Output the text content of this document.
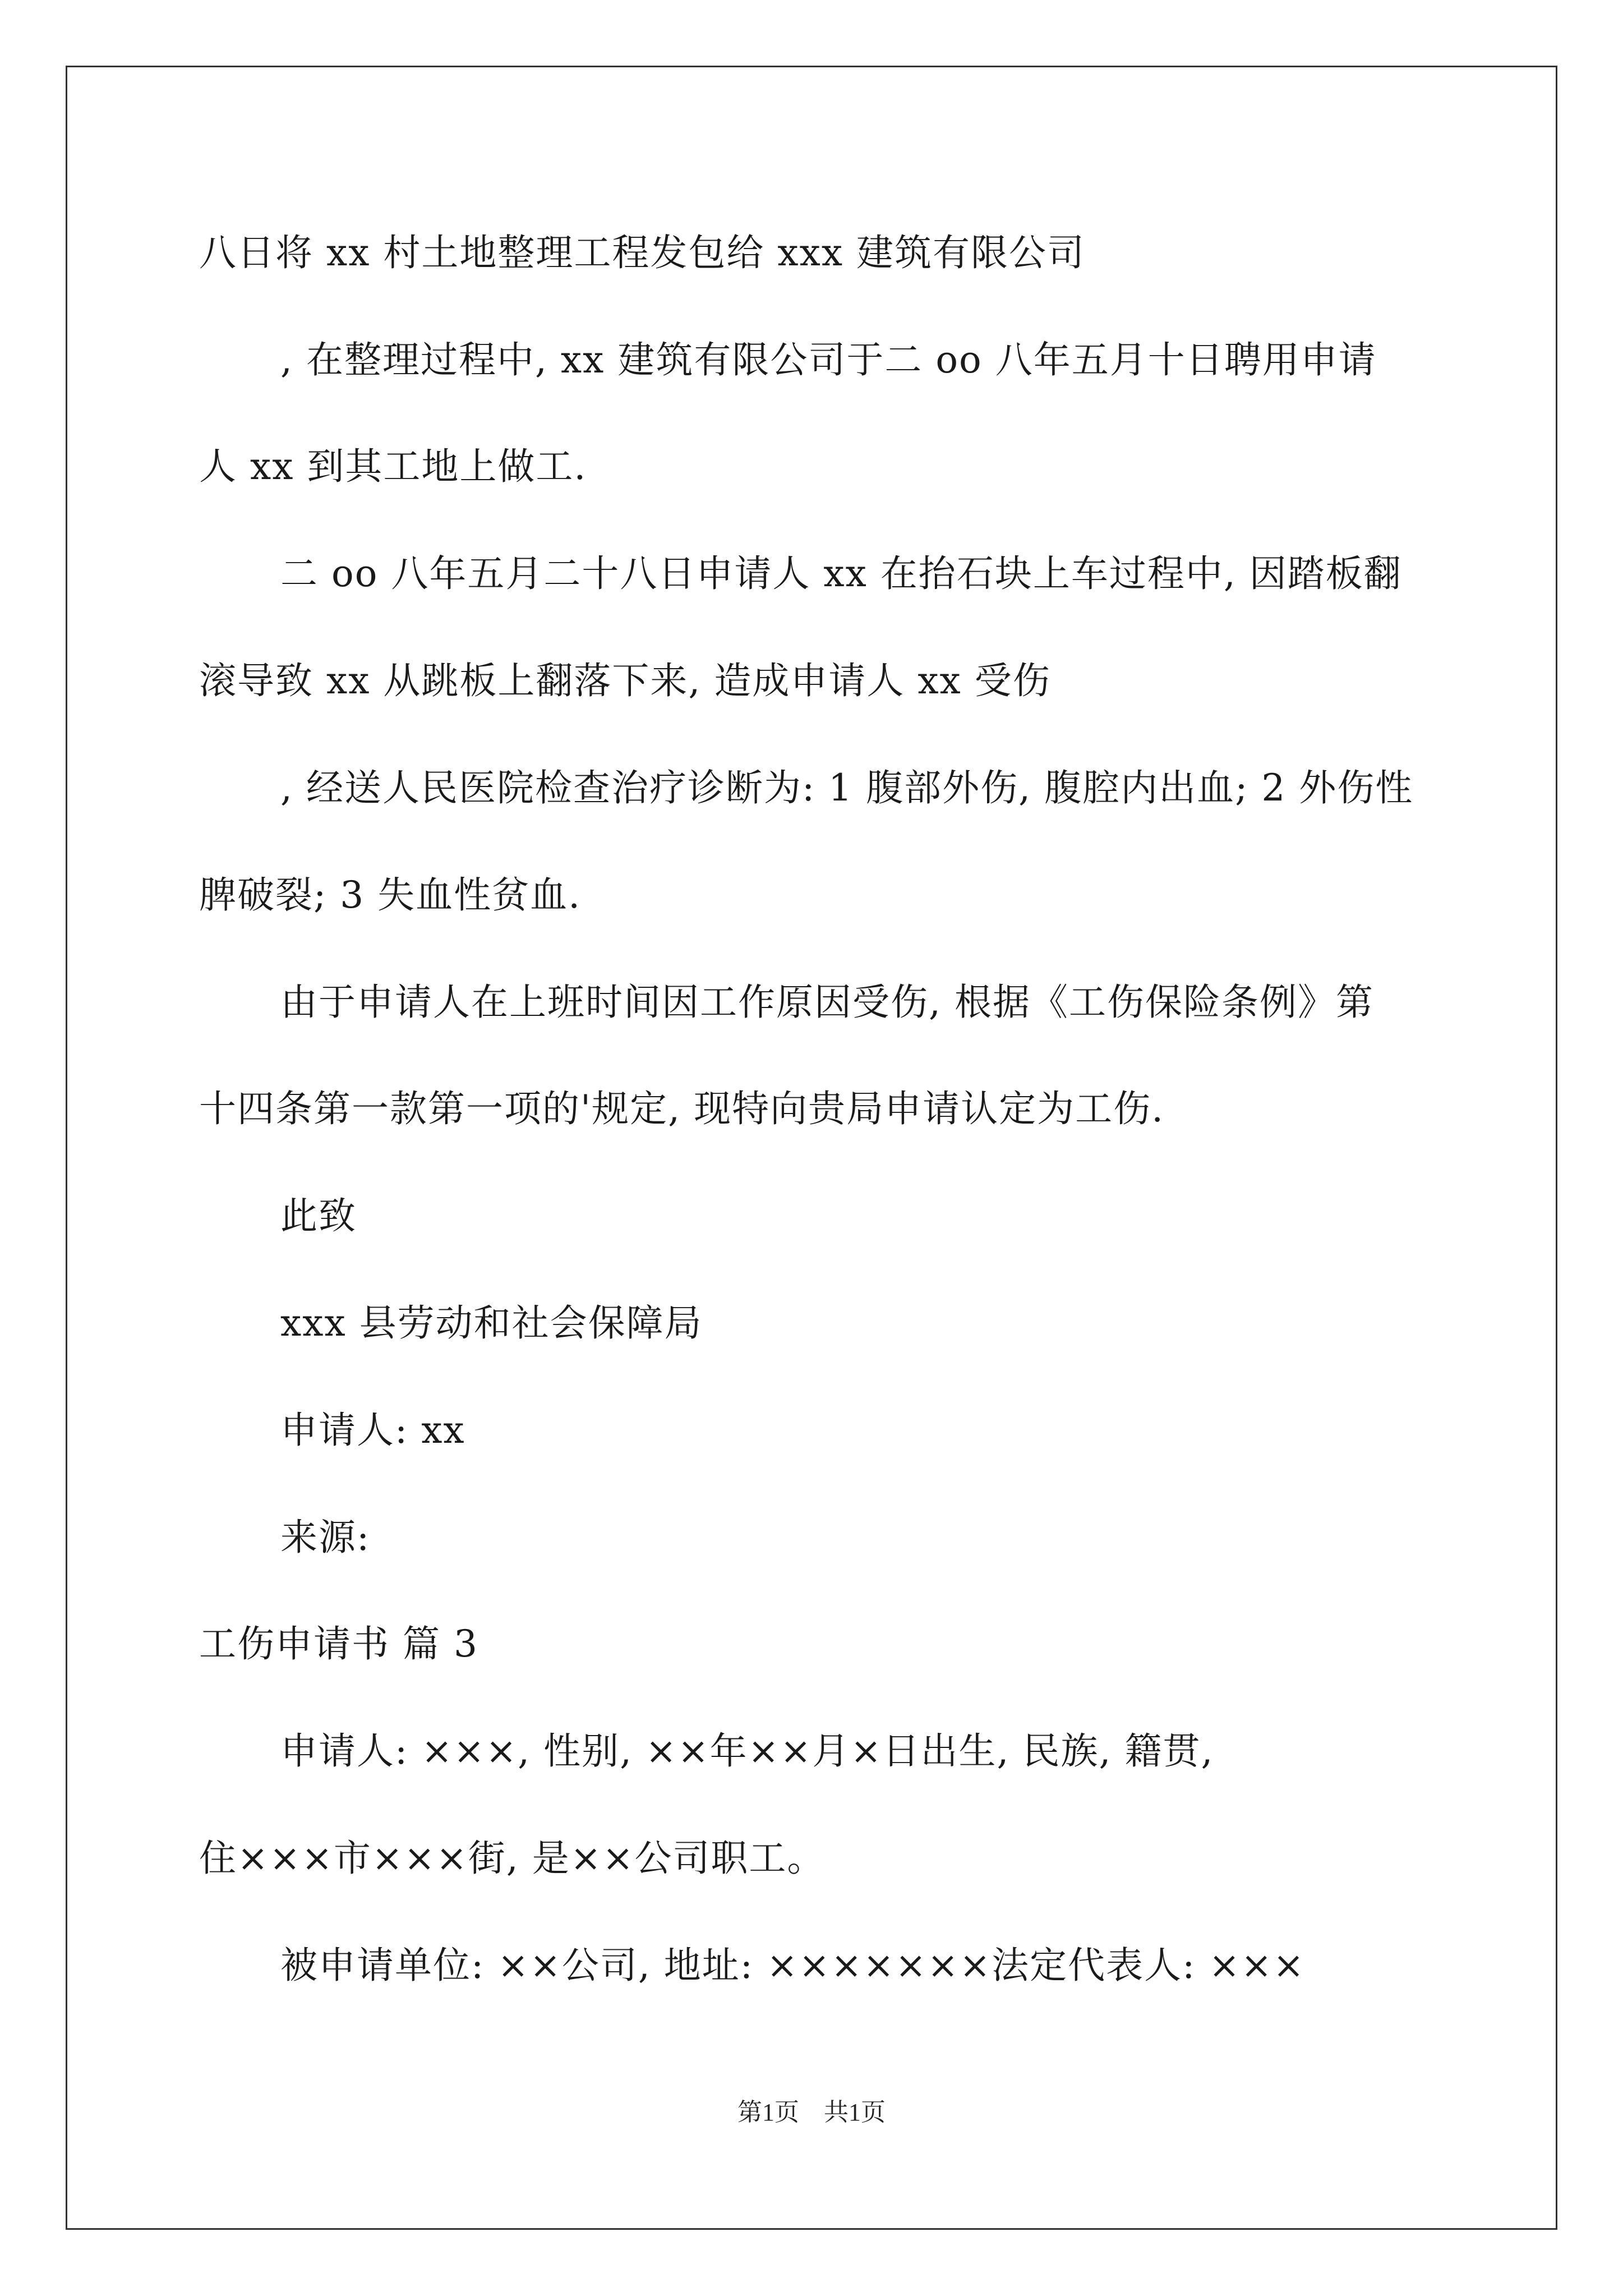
八日将 xx 村土地整理工程发包给 xxx 建筑有限公司
, 在整理过程中, xx 建筑有限公司于二 oo 八年五月十日聘用申请
人 xx 到其工地上做工.
二 oo 八年五月二十八日申请人 xx 在抬石块上车过程中, 因踏板翻
滚导致 xx 从跳板上翻落下来, 造成申请人 xx 受伤
, 经送人民医院检查治疗诊断为: 1 腹部外伤, 腹腔内出血; 2 外伤性
脾破裂; 3 失血性贫血.
由于申请人在上班时间因工作原因受伤, 根据《工伤保险条例》第
十四条第一款第一项的'规定, 现特向贵局申请认定为工伤.
此致
xxx 县劳动和社会保障局
申请人: xx
来源:
工伤申请书 篇 3
申请人: ×××, 性别, ××年××月×日出生, 民族, 籍贯,
住×××市×××街, 是××公司职工。
被申请单位: ××公司, 地址: ×××××××法定代表人: ×××
第1页　共1页
